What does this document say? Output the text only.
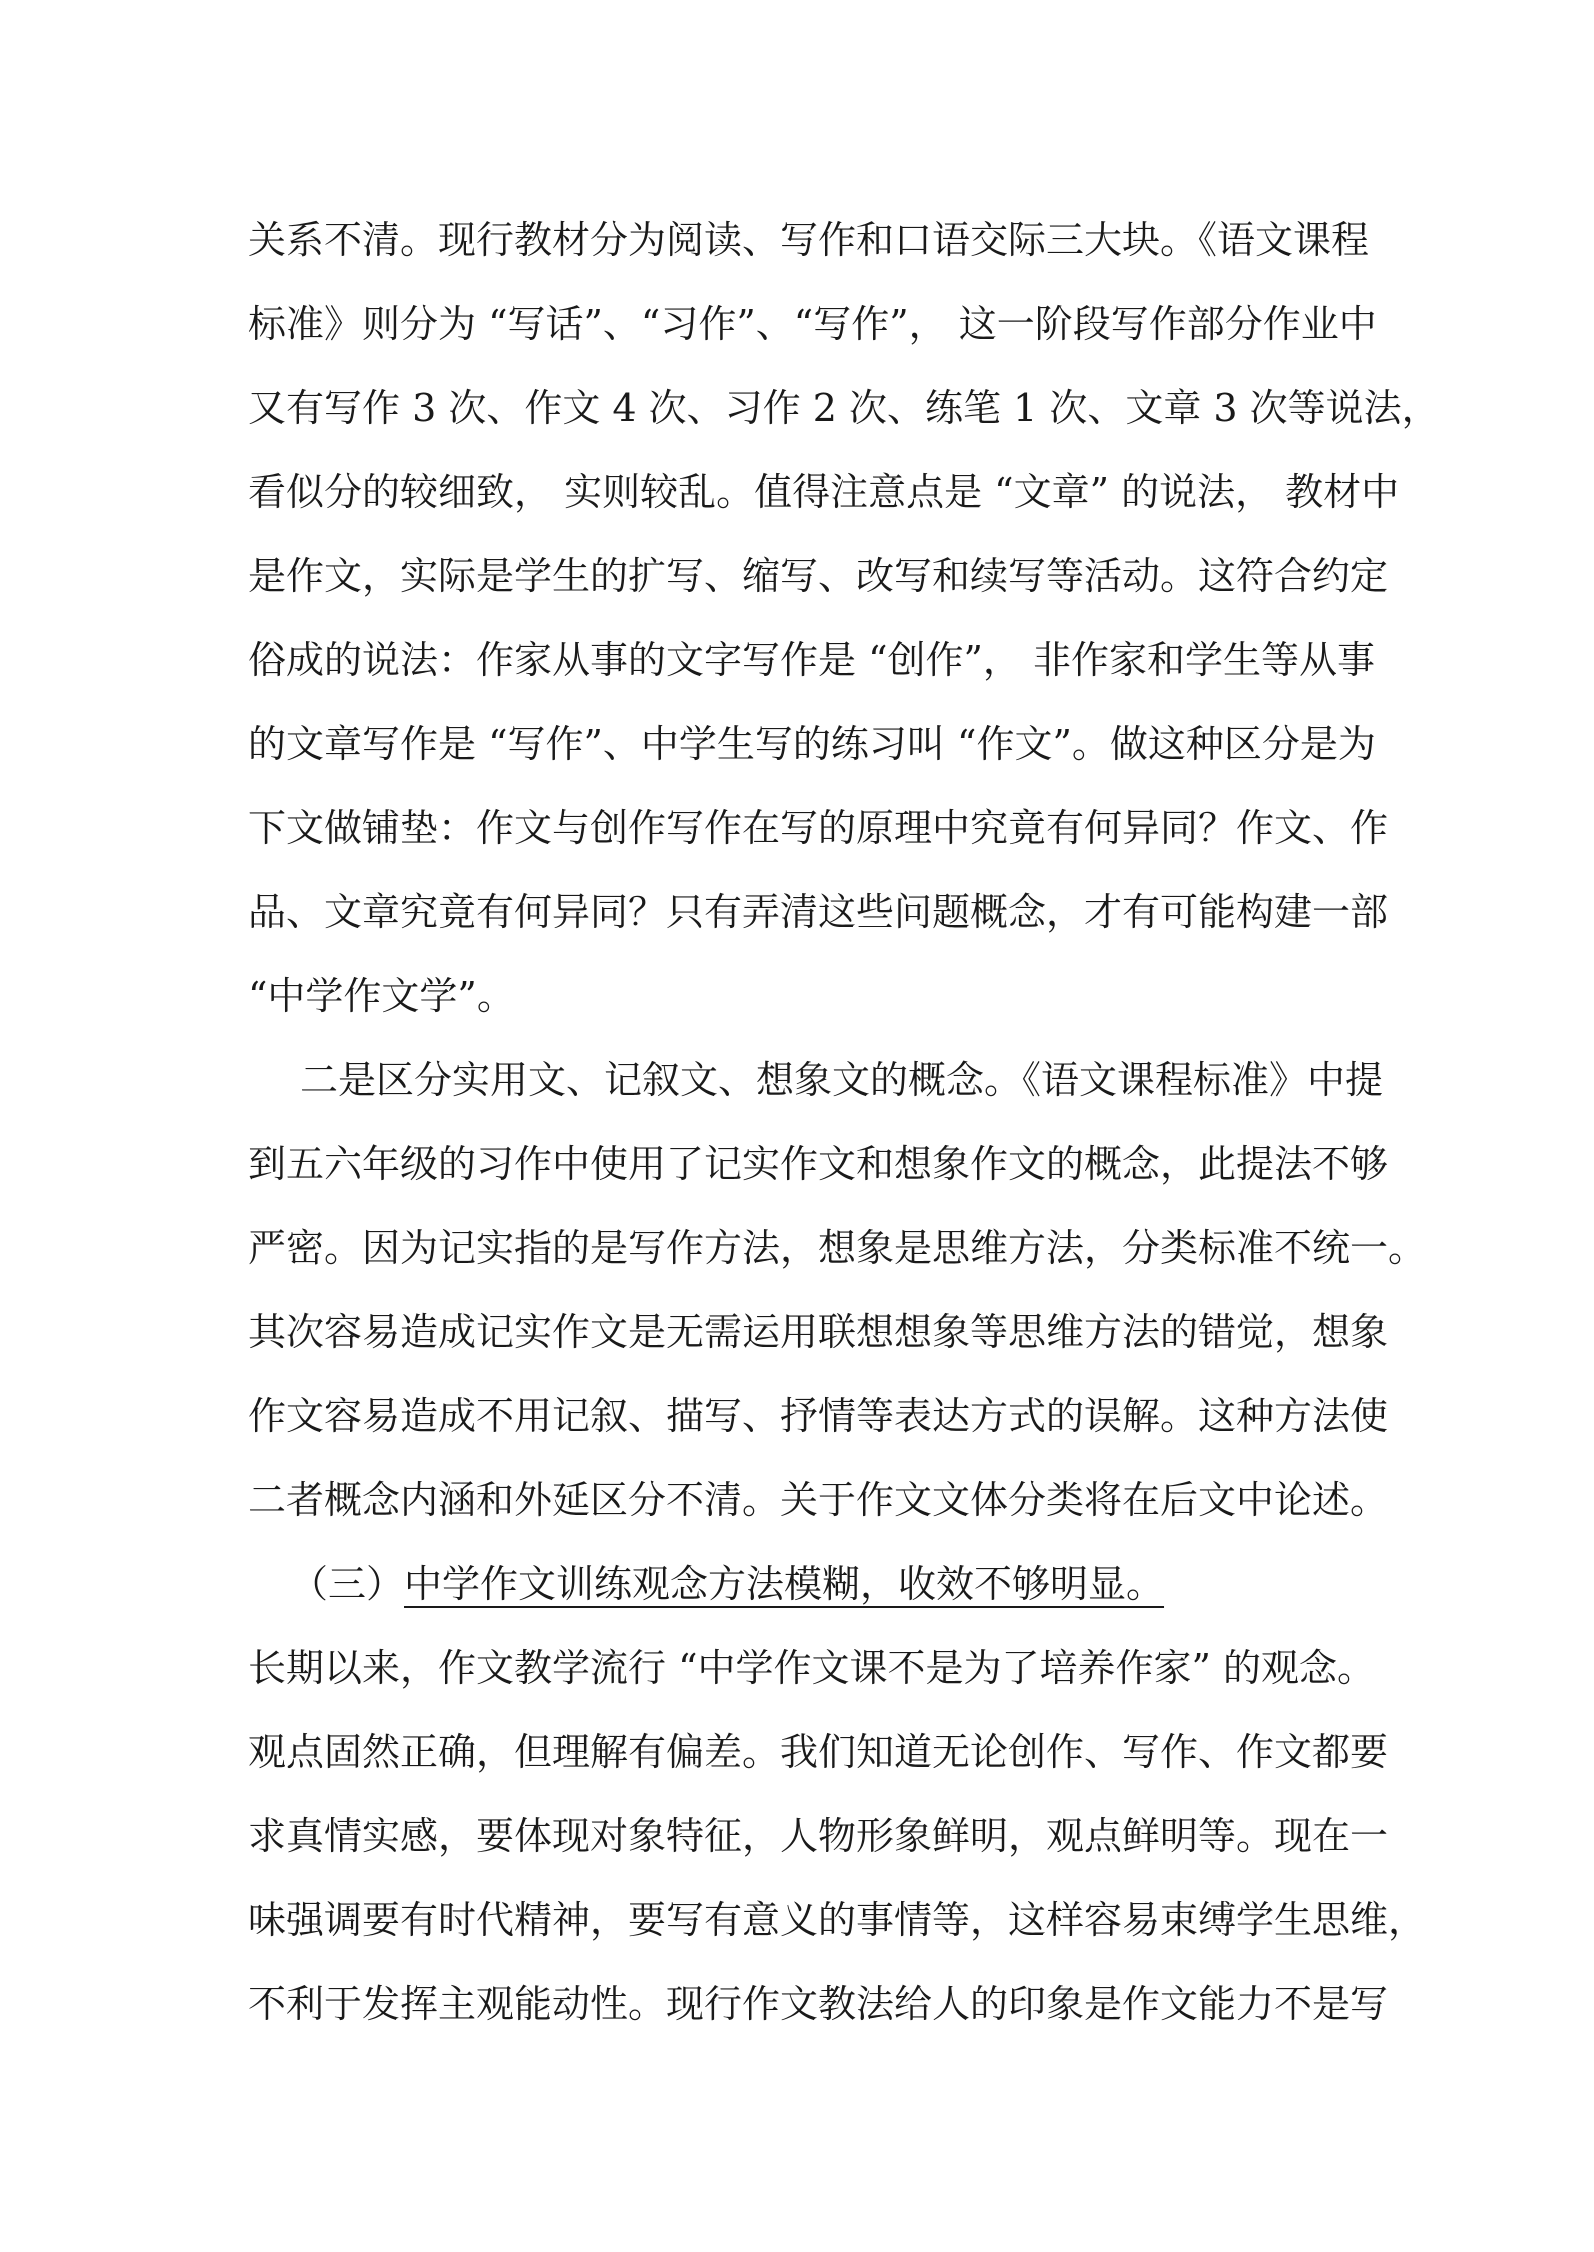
关系不清。现行教材分为阅读、写作和口语交际三大块。《语文课程
标准》则分为 “写话”、“习作”、“写作”， 这一阶段写作部分作业中
又有写作 3 次、作文 4 次、习作 2 次、练笔 1 次、文章 3 次等说法，
看似分的较细致， 实则较乱。值得注意点是 “文章” 的说法， 教材中
是作文，实际是学生的扩写、缩写、改写和续写等活动。这符合约定
俗成的说法：作家从事的文字写作是 “创作”， 非作家和学生等从事
的文章写作是 “写作”、中学生写的练习叫 “作文”。做这种区分是为
下文做铺垫：作文与创作写作在写的原理中究竟有何异同？作文、作
品、文章究竟有何异同？只有弄清这些问题概念，才有可能构建一部
“中学作文学”。
二是区分实用文、记叙文、想象文的概念。《语文课程标准》中提
到五六年级的习作中使用了记实作文和想象作文的概念，此提法不够
严密。因为记实指的是写作方法，想象是思维方法，分类标准不统一。
其次容易造成记实作文是无需运用联想想象等思维方法的错觉，想象
作文容易造成不用记叙、描写、抒情等表达方式的误解。这种方法使
二者概念内涵和外延区分不清。关于作文文体分类将在后文中论述。
（三）中学作文训练观念方法模糊，收效不够明显。
长期以来，作文教学流行 “中学作文课不是为了培养作家” 的观念。
观点固然正确，但理解有偏差。我们知道无论创作、写作、作文都要
求真情实感，要体现对象特征，人物形象鲜明，观点鲜明等。现在一
味强调要有时代精神，要写有意义的事情等，这样容易束缚学生思维，
不利于发挥主观能动性。现行作文教法给人的印象是作文能力不是写
